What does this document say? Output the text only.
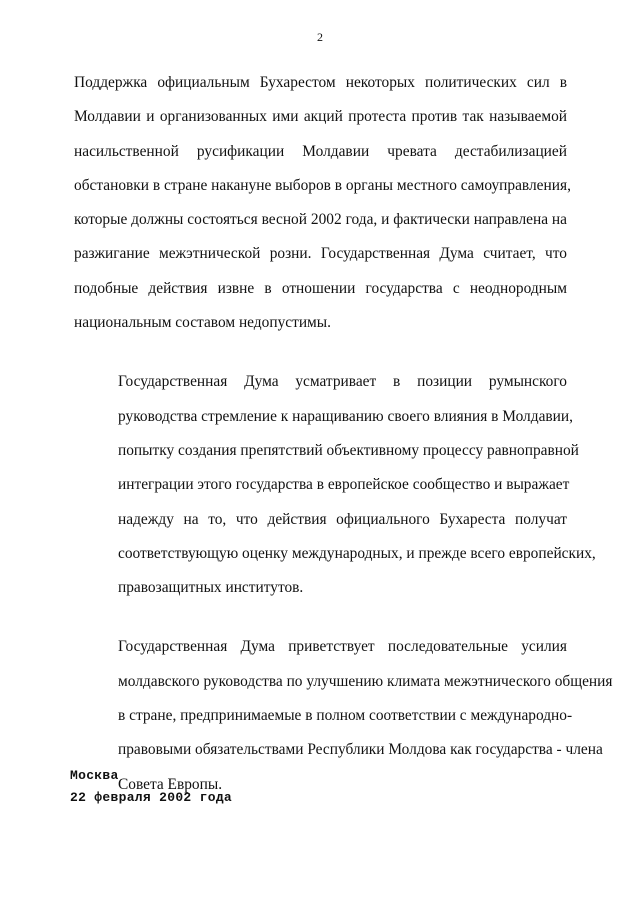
2
Поддержка официальным Бухарестом некоторых политических сил в
Молдавии и организованных ими акций протеста против так называемой
насильственной русификации Молдавии чревата дестабилизацией
обстановки в стране накануне выборов в органы местного самоуправления,
которые должны состояться весной 2002 года, и фактически направлена на
разжигание межэтнической розни. Государственная Дума считает, что
подобные действия извне в отношении государства с неоднородным
национальным составом недопустимы.
Государственная Дума усматривает в позиции румынского
руководства стремление к наращиванию своего влияния в Молдавии,
попытку создания препятствий объективному процессу равноправной
интеграции этого государства в европейское сообщество и выражает
надежду на то, что действия официального Бухареста получат
соответствующую оценку международных, и прежде всего европейских,
правозащитных институтов.
Государственная Дума приветствует последовательные усилия
молдавского руководства по улучшению климата межэтнического общения
в стране, предпринимаемые в полном соответствии с международно-
правовыми обязательствами Республики Молдова как государства - члена
Совета Европы.
Москва
22 февраля 2002 года
